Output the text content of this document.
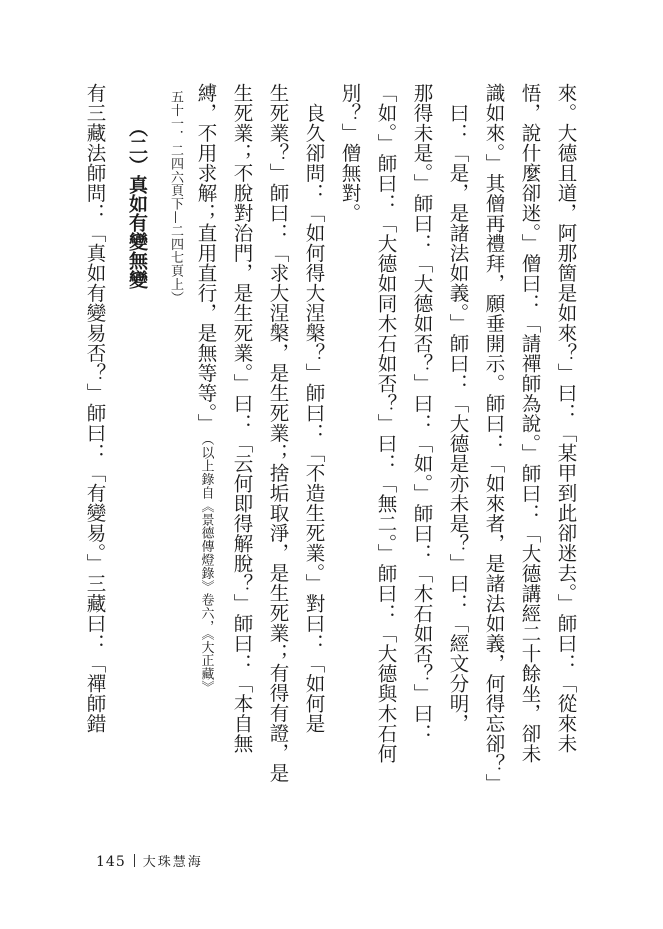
來。大德且道，阿那箇是如來？」曰：「某甲到此卻迷去。」師曰：「從來未
悟，說什麼卻迷。」僧曰：「請禪師為說。」師曰：「大德講經二十餘坐，卻未
識如來。」其僧再禮拜，願垂開示。師曰：「如來者，是諸法如義，何得忘卻？」
曰：「是，是諸法如義。」師曰：「大德是亦未是？」曰：「經文分明，
那得未是。」師曰：「大德如否？」曰：「如。」師曰：「木石如否？」曰：
「如。」師曰：「大德如同木石如否？」曰：「無二。」師曰：「大德與木石何
別？」僧無對。
良久卻問：「如何得大涅槃？」師曰：「不造生死業。」對曰：「如何是
生死業？」師曰：「求大涅槃，是生死業；捨垢取淨，是生死業；有得有證，是
生死業；不脫對治門，是生死業。」曰：「云何即得解脫？」師曰：「本自無
縛，不用求解；直用直行，是無等等。」（以上錄自《景德傳燈錄》卷六，《大正藏》
五十一．二四六頁下—二四七頁上）
（二）真如有變無變
有三藏法師問：「真如有變易否？」師曰：「有變易。」三藏曰：「禪師錯
145 大珠慧海
